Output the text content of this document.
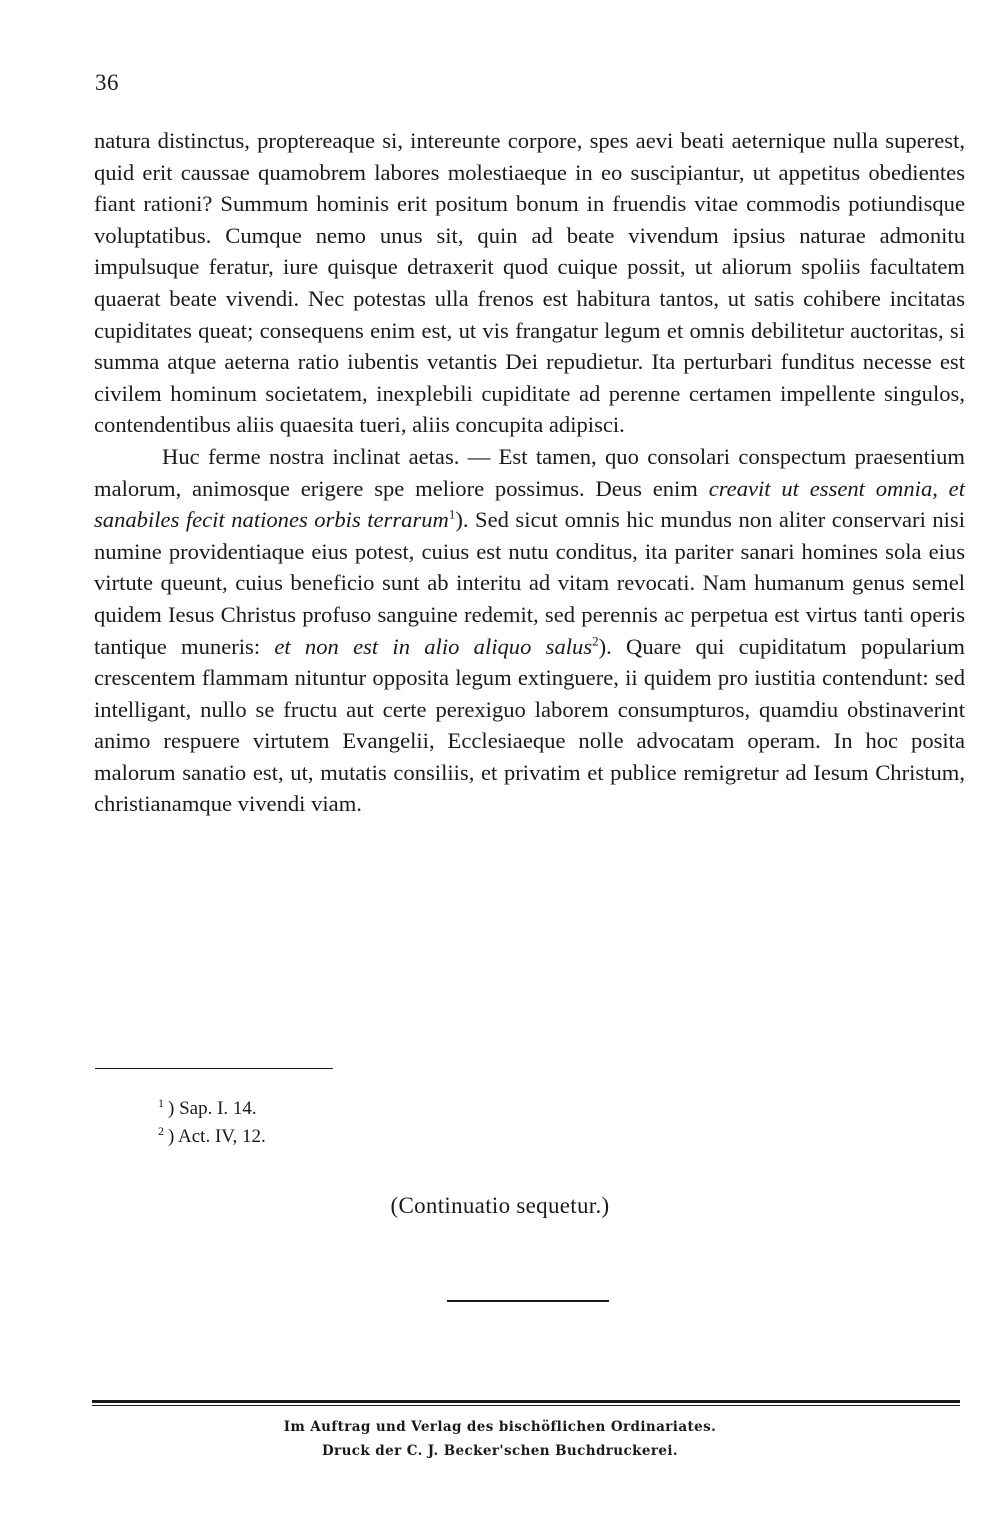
36

natura distinctus, proptereaque si, intereunte corpore, spes aevi beati aeternique nulla superest, quid erit caussae quamobrem labores molestiaeque in eo suscipiantur, ut appetitus obedientes fiant rationi? Summum hominis erit positum bonum in fruendis vitae commodis potiundisque voluptatibus. Cumque nemo unus sit, quin ad beate vivendum ipsius naturae admonitu impulsuque feratur, iure quisque detraxerit quod cuique possit, ut aliorum spoliis facultatem quaerat beate vivendi. Nec potestas ulla frenos est habitura tantos, ut satis cohibere incitatas cupiditates queat; consequens enim est, ut vis frangatur legum et omnis debilitetur auctoritas, si summa atque aeterna ratio iubentis vetantis Dei repudietur. Ita perturbari funditus necesse est civilem hominum societatem, inexplebili cupiditate ad perenne certamen impellente singulos, contendentibus aliis quaesita tueri, aliis concupita adipisci.

Huc ferme nostra inclinat aetas. — Est tamen, quo consolari conspectum praesentium malorum, animosque erigere spe meliore possimus. Deus enim creavit ut essent omnia, et sanabiles fecit nationes orbis terrarum$^1$). Sed sicut omnis hic mundus non aliter conservari nisi numine providentiaque eius potest, cuius est nutu conditus, ita pariter sanari homines sola eius virtute queunt, cuius beneficio sunt ab interitu ad vitam revocati. Nam humanum genus semel quidem Iesus Christus profuso sanguine redemit, sed perennis ac perpetua est virtus tanti operis tantique muneris: et non est in alio aliquo salus$^2$). Quare qui cupiditatum popularium crescentem flammam nituntur opposita legum extinguere, ii quidem pro iustitia contendunt: sed intelligant, nullo se fructu aut certe perexiguo laborem consumpturos, quamdiu obstinaverint animo respuere virtutem Evangelii, Ecclesiaeque nolle advocatam operam. In hoc posita malorum sanatio est, ut, mutatis consiliis, et privatim et publice remigretur ad Iesum Christum, christianamque vivendi viam.

$^1$ ) Sap. I. 14.
$^2$ ) Act. IV, 12.
(Continuatio sequetur.)
Im Auftrag und Verlag des bischöflichen Ordinariates.
Druck der C. J. Becker'schen Buchdruckerei.
